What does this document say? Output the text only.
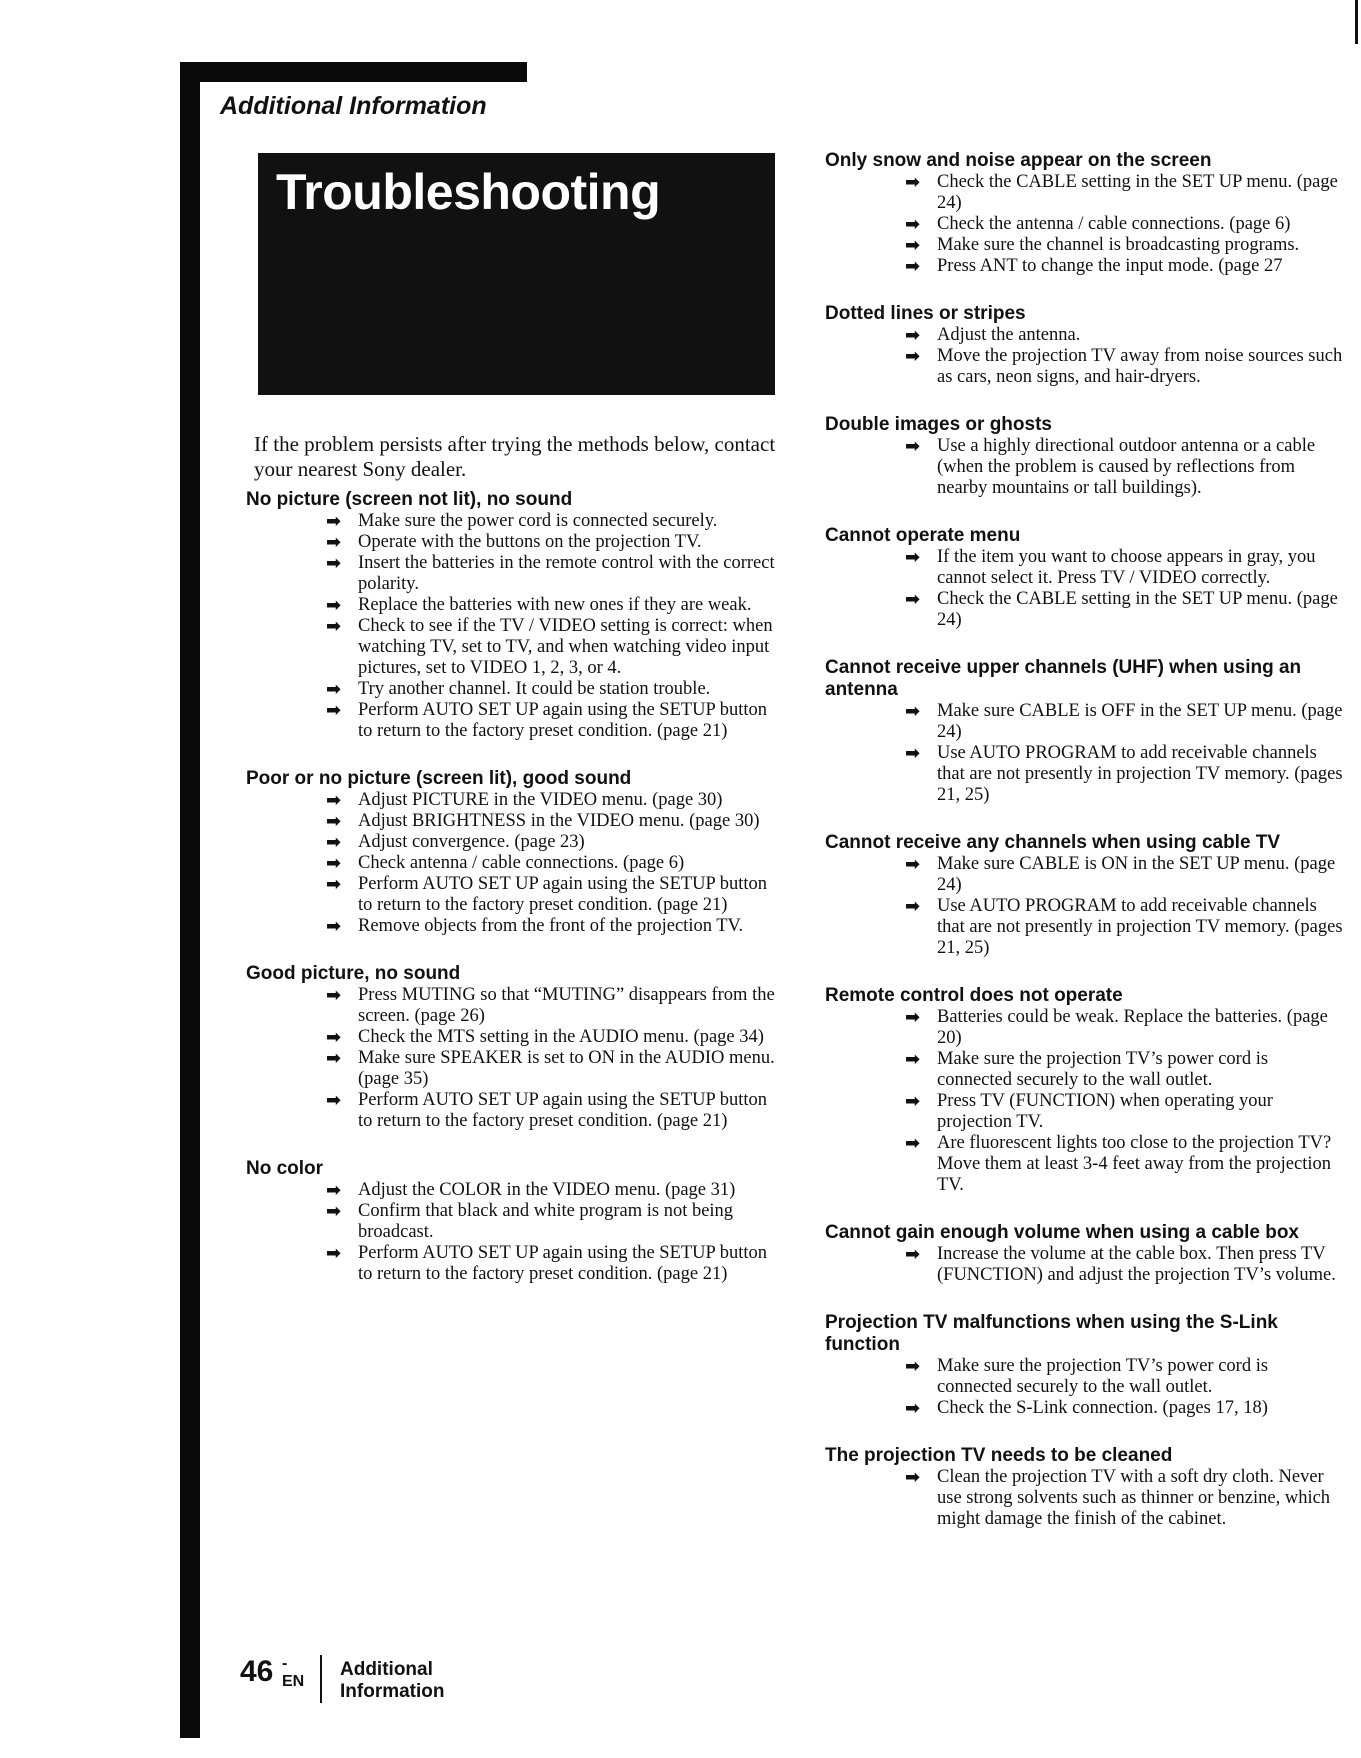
Additional Information
Troubleshooting
If the problem persists after trying the methods below, contact your nearest Sony dealer.
No picture (screen not lit), no sound
➡ Make sure the power cord is connected securely.
➡ Operate with the buttons on the projection TV.
➡ Insert the batteries in the remote control with the correct polarity.
➡ Replace the batteries with new ones if they are weak.
➡ Check to see if the TV / VIDEO setting is correct: when watching TV, set to TV, and when watching video input pictures, set to VIDEO 1, 2, 3, or 4.
➡ Try another channel. It could be station trouble.
➡ Perform AUTO SET UP again using the SETUP button to return to the factory preset condition. (page 21)
Poor or no picture (screen lit), good sound
➡ Adjust PICTURE in the VIDEO menu. (page 30)
➡ Adjust BRIGHTNESS in the VIDEO menu. (page 30)
➡ Adjust convergence. (page 23)
➡ Check antenna / cable connections. (page 6)
➡ Perform AUTO SET UP again using the SETUP button to return to the factory preset condition. (page 21)
➡ Remove objects from the front of the projection TV.
Good picture, no sound
➡ Press MUTING so that “MUTING” disappears from the screen. (page 26)
➡ Check the MTS setting in the AUDIO menu. (page 34)
➡ Make sure SPEAKER is set to ON in the AUDIO menu. (page 35)
➡ Perform AUTO SET UP again using the SETUP button to return to the factory preset condition. (page 21)
No color
➡ Adjust the COLOR in the VIDEO menu. (page 31)
➡ Confirm that black and white program is not being broadcast.
➡ Perform AUTO SET UP again using the SETUP button to return to the factory preset condition. (page 21)
Only snow and noise appear on the screen
➡ Check the CABLE setting in the SET UP menu. (page 24)
➡ Check the antenna / cable connections. (page 6)
➡ Make sure the channel is broadcasting programs.
➡ Press ANT to change the input mode. (page 27
Dotted lines or stripes
➡ Adjust the antenna.
➡ Move the projection TV away from noise sources such as cars, neon signs, and hair-dryers.
Double images or ghosts
➡ Use a highly directional outdoor antenna or a cable (when the problem is caused by reflections from nearby mountains or tall buildings).
Cannot operate menu
➡ If the item you want to choose appears in gray, you cannot select it. Press TV / VIDEO correctly.
➡ Check the CABLE setting in the SET UP menu. (page 24)
Cannot receive upper channels (UHF) when using an antenna
➡ Make sure CABLE is OFF in the SET UP menu. (page 24)
➡ Use AUTO PROGRAM to add receivable channels that are not presently in projection TV memory. (pages 21, 25)
Cannot receive any channels when using cable TV
➡ Make sure CABLE is ON in the SET UP menu. (page 24)
➡ Use AUTO PROGRAM to add receivable channels that are not presently in projection TV memory. (pages 21, 25)
Remote control does not operate
➡ Batteries could be weak. Replace the batteries. (page 20)
➡ Make sure the projection TV’s power cord is connected securely to the wall outlet.
➡ Press TV (FUNCTION) when operating your projection TV.
➡ Are fluorescent lights too close to the projection TV? Move them at least 3-4 feet away from the projection TV.
Cannot gain enough volume when using a cable box
➡ Increase the volume at the cable box. Then press TV (FUNCTION) and adjust the projection TV’s volume.
Projection TV malfunctions when using the S-Link function
➡ Make sure the projection TV’s power cord is connected securely to the wall outlet.
➡ Check the S-Link connection. (pages 17, 18)
The projection TV needs to be cleaned
➡ Clean the projection TV with a soft dry cloth. Never use strong solvents such as thinner or benzine, which might damage the finish of the cabinet.
46 -EN
Additional Information
